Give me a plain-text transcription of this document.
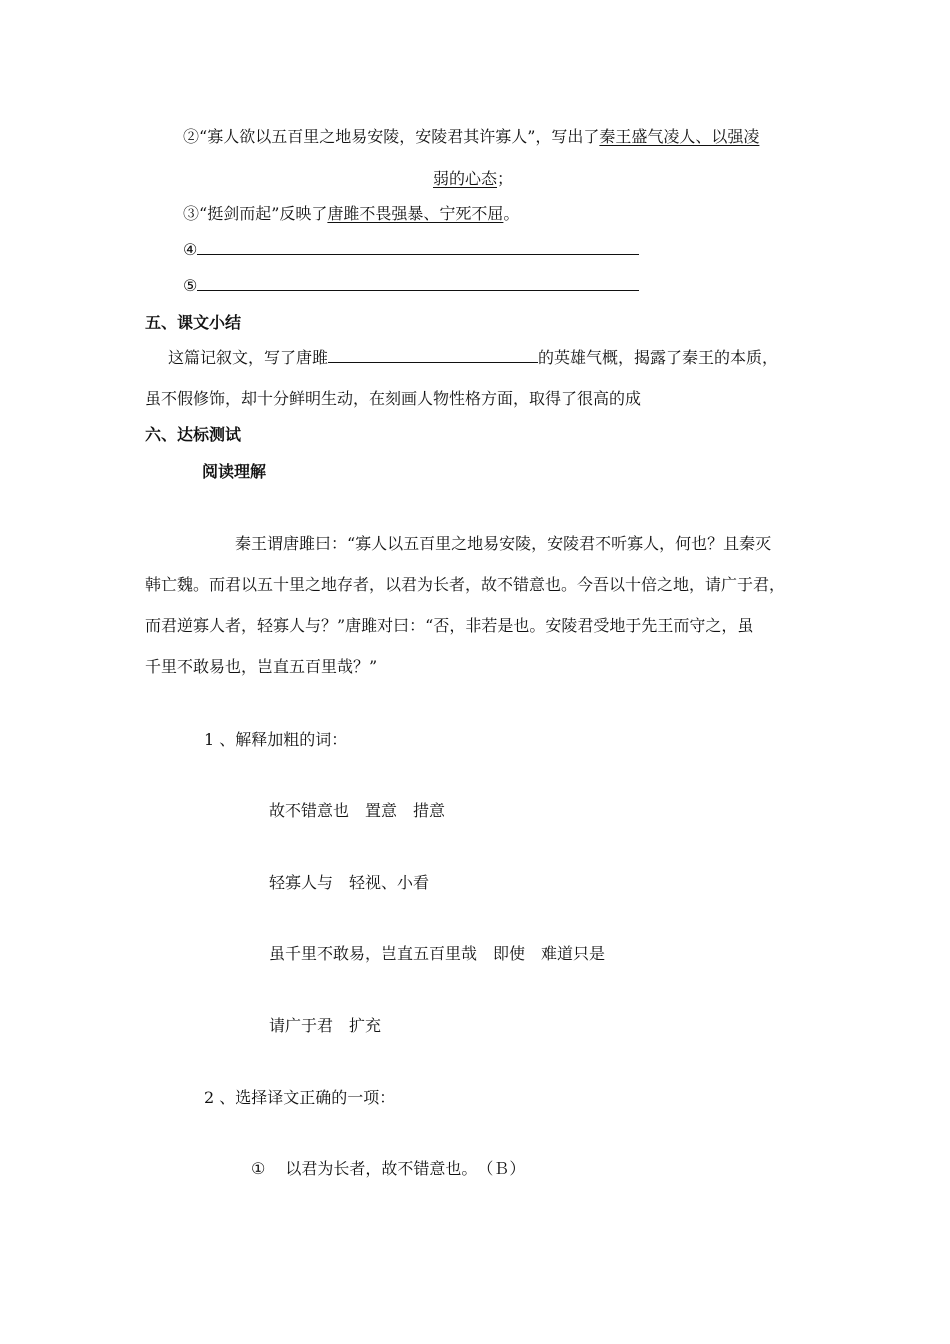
②“寡人欲以五百里之地易安陵，安陵君其许寡人”，写出了秦王盛气凌人、以强凌
弱的心态；
③“挺剑而起”反映了唐雎不畏强暴、宁死不屈。
④
⑤
五、课文小结
这篇记叙文，写了唐雎	的英雄气概，揭露了秦王的本质，
虽不假修饰，却十分鲜明生动，在刻画人物性格方面，取得了很高的成
六、达标测试
阅读理解
秦王谓唐雎曰：“寡人以五百里之地易安陵，安陵君不听寡人，何也？且秦灭
韩亡魏。而君以五十里之地存者，以君为长者，故不错意也。今吾以十倍之地，请广于君，
而君逆寡人者，轻寡人与？”唐雎对曰：“否，非若是也。安陵君受地于先王而守之，虽
千里不敢易也，岂直五百里哉？”
1 、解释加粗的词：
故不错意也　置意　措意
轻寡人与　轻视、小看
虽千里不敢易，岂直五百里哉　即使　难道只是
请广于君　扩充
2 、选择译文正确的一项：
① 以君为长者，故不错意也。　（Ｂ）
